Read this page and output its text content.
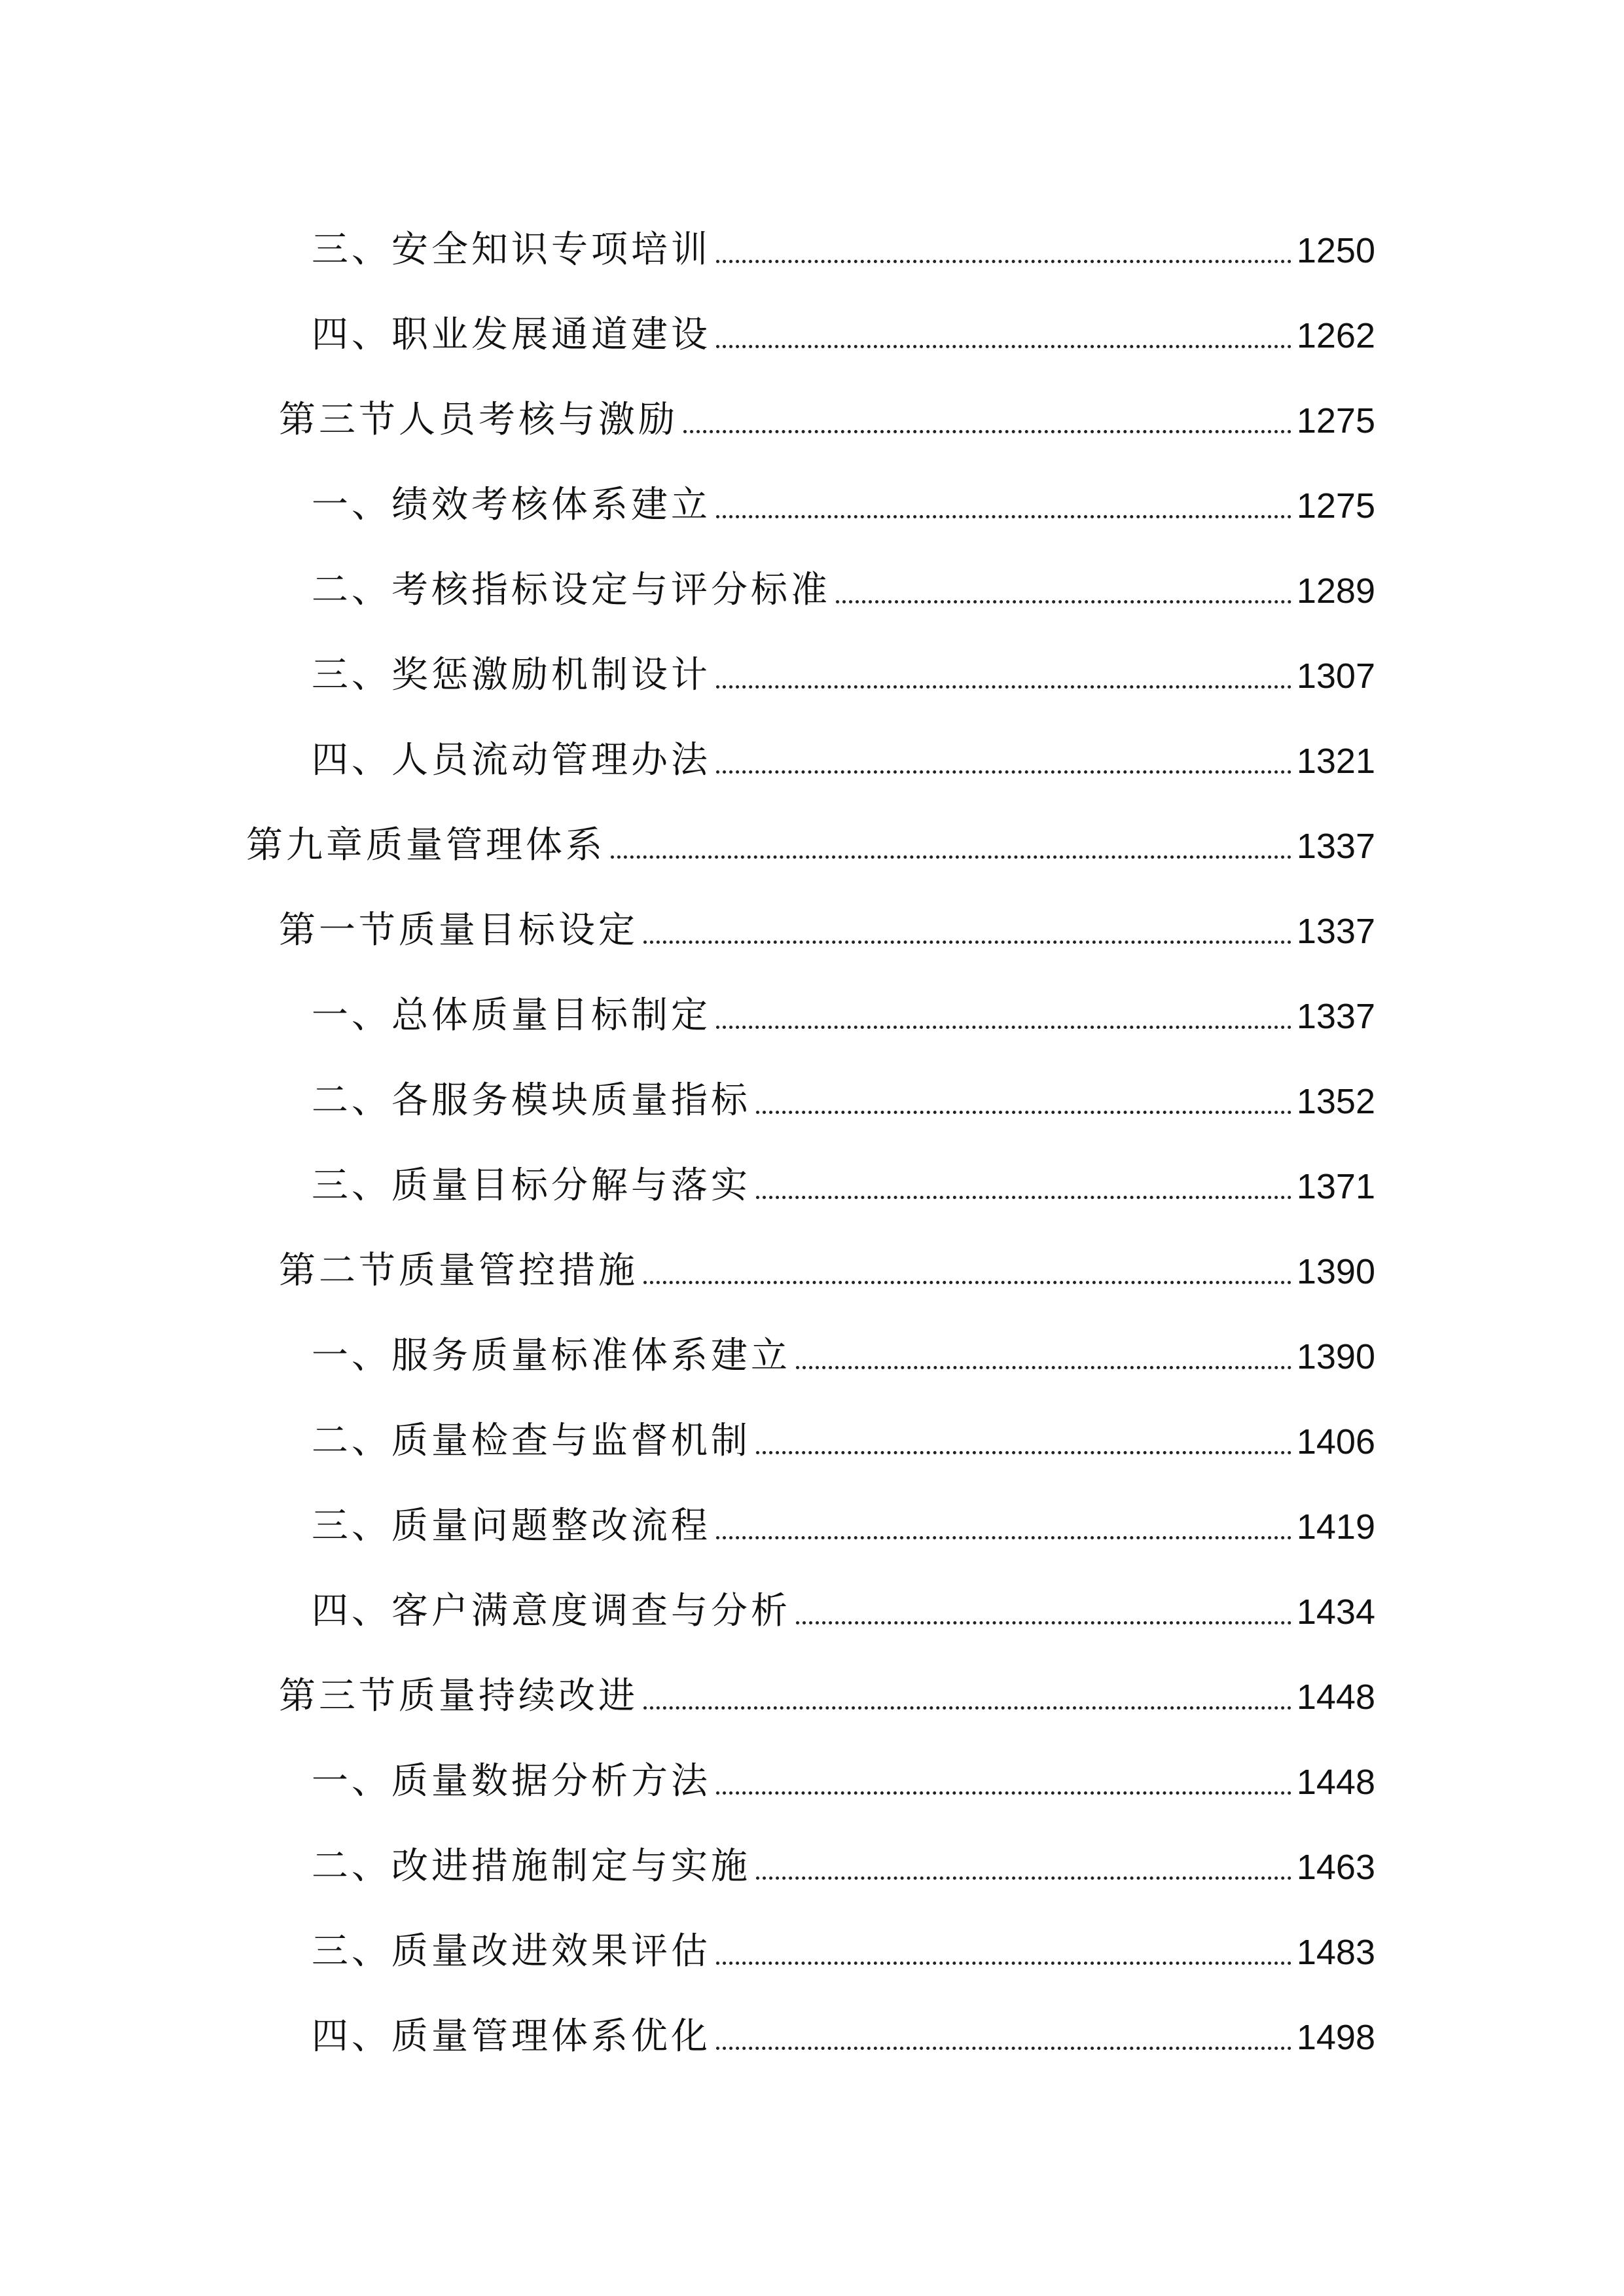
三、安全知识专项培训	1250
四、职业发展通道建设	1262
第三节人员考核与激励	1275
一、绩效考核体系建立	1275
二、考核指标设定与评分标准	1289
三、奖惩激励机制设计	1307
四、人员流动管理办法	1321
第九章质量管理体系	1337
第一节质量目标设定	1337
一、总体质量目标制定	1337
二、各服务模块质量指标	1352
三、质量目标分解与落实	1371
第二节质量管控措施	1390
一、服务质量标准体系建立	1390
二、质量检查与监督机制	1406
三、质量问题整改流程	1419
四、客户满意度调查与分析	1434
第三节质量持续改进	1448
一、质量数据分析方法	1448
二、改进措施制定与实施	1463
三、质量改进效果评估	1483
四、质量管理体系优化	1498
